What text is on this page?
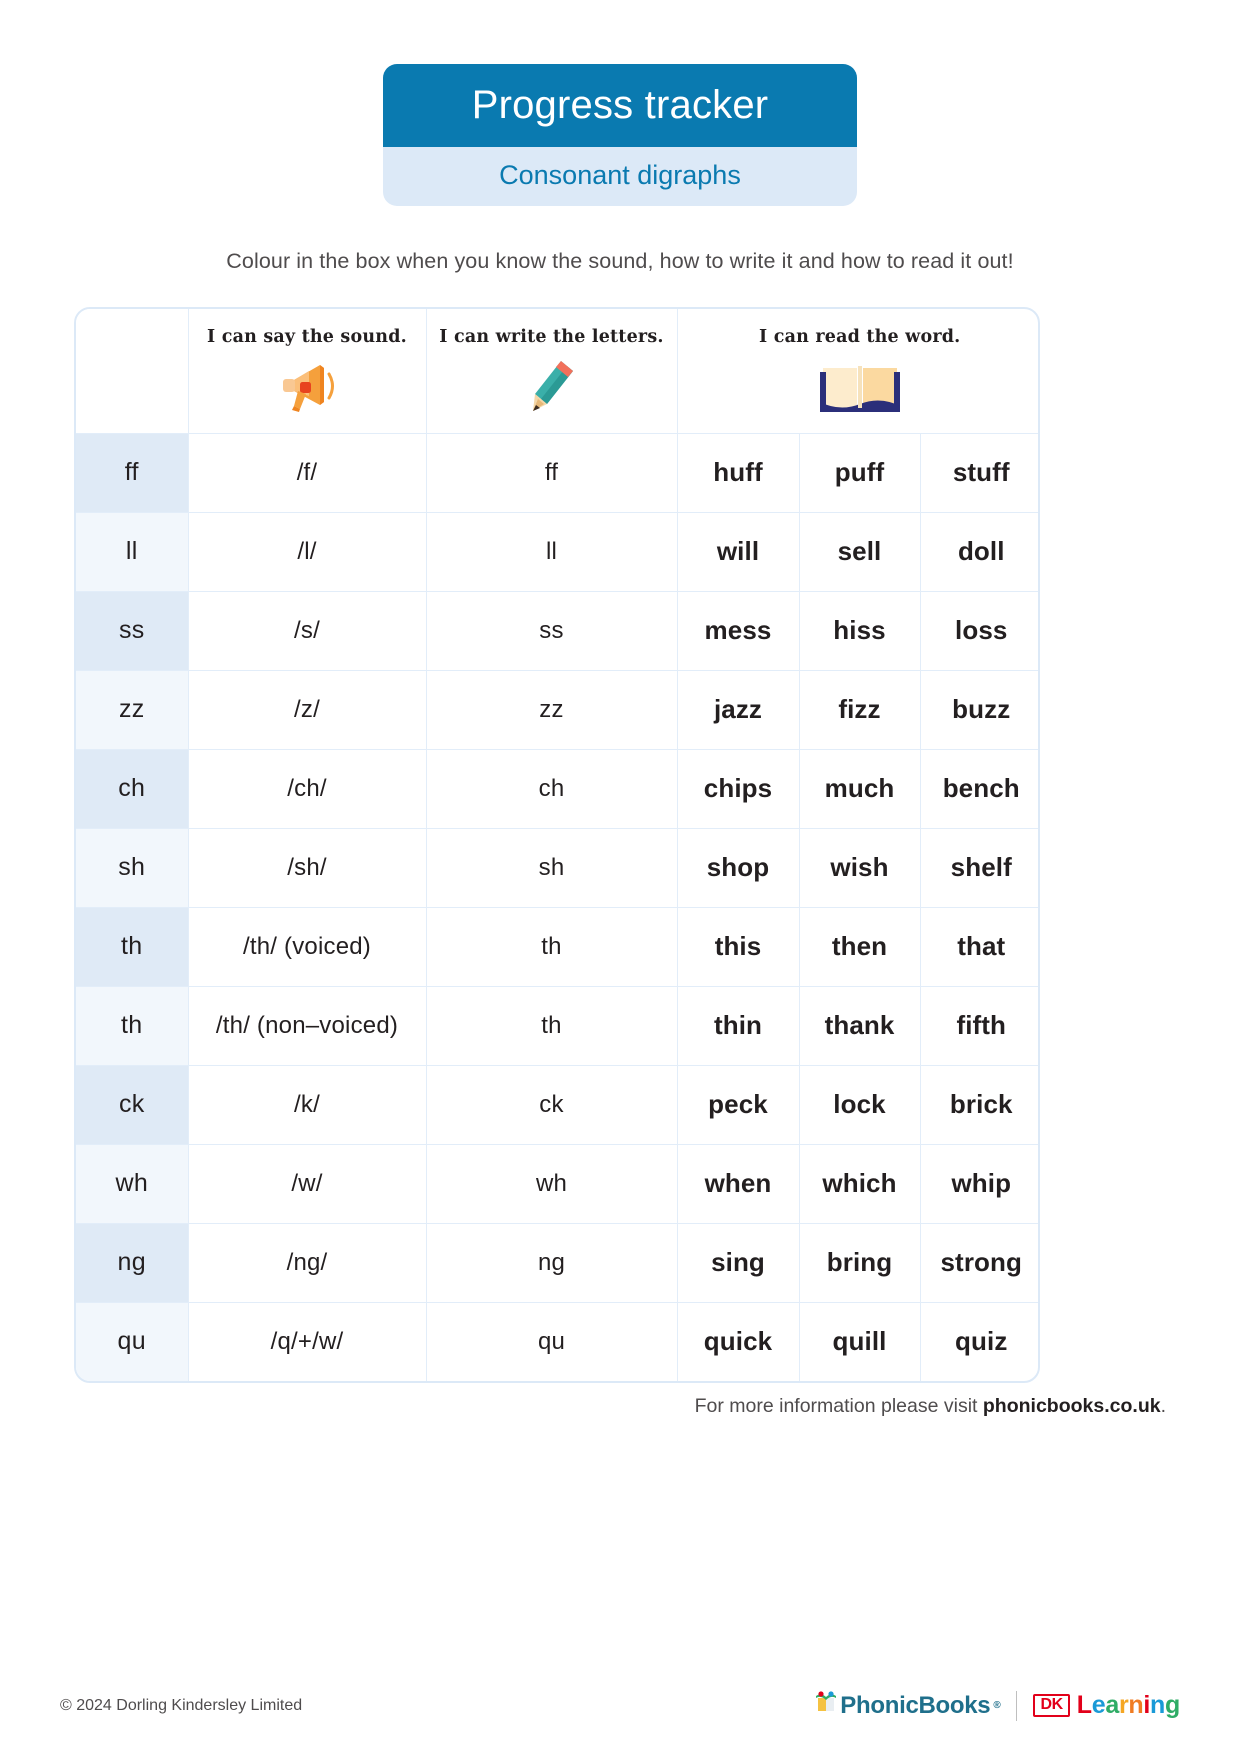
Progress tracker
Consonant digraphs
Colour in the box when you know the sound, how to write it and how to read it out!

	I can say the sound.	I can write the letters.	I can read the word.		

ff	/f/	ff	huff	puff	stuff
ll	/l/	ll	will	sell	doll
ss	/s/	ss	mess	hiss	loss
zz	/z/	zz	jazz	fizz	buzz
ch	/ch/	ch	chips	much	bench
sh	/sh/	sh	shop	wish	shelf
th	/th/ (voiced)	th	this	then	that
th	/th/ (non–voiced)	th	thin	thank	fifth
ck	/k/	ck	peck	lock	brick
wh	/w/	wh	when	which	whip
ng	/ng/	ng	sing	bring	strong
qu	/q/+/w/	qu	quick	quill	quiz
For more information please visit phonicbooks.co.uk.
© 2024 Dorling Kindersley Limited	PhonicBooks ®	DK Learning
